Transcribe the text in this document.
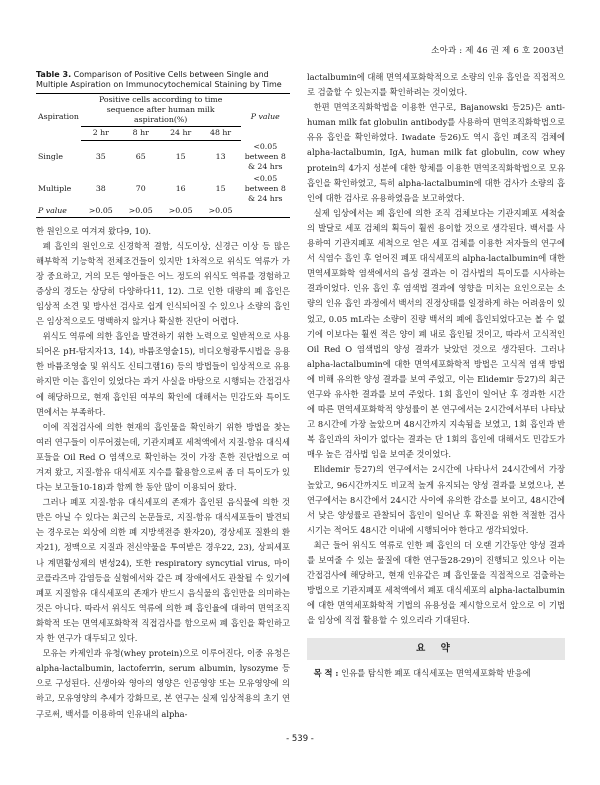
소아과 : 제 46 권 제 6 호 2003년
Table 3. Comparison of Positive Cells between Single and Multiple Aspiration on Immunocytochemical Staining by Time
Aspiration	Positive cells according to time sequence after human milk aspiration(%)				P value
	2 hr	8 hr	24 hr	48 hr	
Single	35	65	15	13	<0.05
between 8 & 24 hrs

Multiple	38	70	16	15	<0.05
between 8 & 24 hrs

P value	>0.05	>0.05	>0.05	>0.05	

한 원인으로 여겨져 왔다9, 10).

폐 흡인의 원인으로 신경학적 결함, 식도이상, 신경근 이상 등 많은 해부학적 기능학적 전체조건들이 있지만 1차적으로 위식도 역류가 가장 중요하고, 거의 모든 영아들은 어느 정도의 위식도 역류를 경험하고 증상의 경도는 상당히 다양하다11, 12). 그로 인한 대량의 폐 흡인은 임상적 소견 및 방사선 검사로 쉽게 인식되어질 수 있으나 소량의 흡인은 임상적으로도 명백하지 않거나 확실한 진단이 어렵다.

위식도 역류에 의한 흡인을 발견하기 위한 노력으로 일반적으로 사용되어온 pH-탐지자13, 14), 바륨조영술15), 비디오형광투시법을 응용한 바륨조영술 및 위식도 신티그램16) 등의 방법들이 임상적으로 유용하지만 이는 흡인이 있었다는 과거 사실을 바탕으로 시행되는 간접검사에 해당하므로, 현재 흡인된 여부의 확인에 대해서는 민감도와 특이도 면에서는 부족하다.

이에 직접검사에 의한 현재의 흡인물을 확인하기 위한 방법을 찾는 여러 연구들이 이루어졌는데, 기관지폐포 세척액에서 지질-함유 대식세포들을 Oil Red O 염색으로 확인하는 것이 가장 흔한 진단법으로 여겨져 왔고, 지질-함유 대식세포 지수를 활용함으로써 좀 더 특이도가 있다는 보고들10-18)과 함께 한 동안 많이 이용되어 왔다.

그러나 폐포 지질-함유 대식세포의 존재가 흡인된 음식물에 의한 것만은 아닐 수 있다는 최근의 논문들로, 지질-함유 대식세포들이 발견되는 경우로는 외상에 의한 폐 지방색전증 환자20), 경상세포 질환의 환자21), 정맥으로 지질과 전신약물을 투여받은 경우22, 23), 상피세포나 계면활성제의 변성24), 또한 respiratory syncytial virus, 마이코플라즈마 감염등을 실험에서와 같은 폐 장애에서도 관찰될 수 있기에 폐포 지질함유 대식세포의 존재가 반드시 음식물의 흡인만을 의미하는 것은 아니다. 따라서 위식도 역류에 의한 폐 흡인율에 대하여 면역조직화학적 또는 면역세포화학적 직접검사를 함으로써 폐 흡인을 확인하고자 한 연구가 대두되고 있다.

모유는 카제인과 유청(whey protein)으로 이루어진다, 이중 유청은 alpha-lactalbumin, lactoferrin, serum albumin, lysozyme 등으로 구성된다. 신생아와 영아의 영양은 인공영양 또는 모유영양에 의하고, 모유영양의 추세가 강화므로, 본 연구는 실제 임상적용의 초기 연구로써, 백서를 이용하여 인유내의 alpha-

lactalbumin에 대해 면역세포화학적으로 소량의 인유 흡인을 직접적으로 검출할 수 있는지를 확인하려는 것이었다.

한편 면역조직화학법을 이용한 연구로, Bajanowski 등25)은 anti-human milk fat globulin antibody를 사용하여 면역조직화학법으로 유유 흡인을 확인하였다. Iwadate 등26)도 역시 흡인 폐조직 검체에 alpha-lactalbumin, IgA, human milk fat globulin, cow whey protein의 4가지 성분에 대한 항체를 이용한 면역조직화학법으로 모유 흡인을 확인하였고, 특히 alpha-lactalbumin에 대한 검사가 소량의 흡인에 대한 검사로 유용하였음을 보고하였다.

실제 임상에서는 폐 흡인에 의한 조직 검체보다는 기관지폐포 세척술의 발달로 세포 검체의 획득이 훨씬 용이할 것으로 생각된다. 백서를 사용하여 기관지폐포 세척으로 얻은 세포 검체를 이용한 저자들의 연구에서 식염수 흡인 후 얻어진 폐포 대식세포의 alpha-lactalbumin에 대한 면역세포화학 염색에서의 음성 결과는 이 검사법의 특이도를 시사하는 결과이었다. 인유 흡인 후 염색법 결과에 영향을 미치는 요인으로는 소량의 인유 흡인 과정에서 백서의 진정상태를 일정하게 하는 어려움이 있었고, 0.05 mL라는 소량이 진량 백서의 폐에 흡인되었다고는 볼 수 없기에 이보다는 훨씬 적은 양이 폐 내로 흡인될 것이고, 따라서 고식적인 Oil Red O 염색법의 양성 결과가 낮았던 것으로 생각된다. 그러나 alpha-lactalbumin에 대한 면역세포화학적 방법은 고식적 염색 방법에 비해 유의한 양성 결과를 보여 주었고, 이는 Elidemir 등27)의 최근 연구와 유사한 결과를 보여 주었다. 1회 흡인이 일어난 후 경과한 시간에 따른 면역세포화학적 양성률이 본 연구에서는 2시간에서부터 나타났고 8시간에 가장 높았으며 48시간까지 지속됨을 보였고, 1회 흡인과 반복 흡인과의 차이가 없다는 결과는 단 1회의 흡인에 대해서도 민감도가 매우 높은 검사법 임을 보여준 것이었다.

Elidemir 등27)의 연구에서는 2시간에 나타나서 24시간에서 가장 높았고, 96시간까지도 비교적 높게 유지되는 양성 결과를 보였으나, 본 연구에서는 8시간에서 24시간 사이에 유의한 감소를 보이고, 48시간에서 낮은 양성률로 관찰되어 흡인이 일어난 후 확진을 위한 적절한 검사 시기는 적어도 48시간 이내에 시행되어야 한다고 생각되었다.

최근 들어 위식도 역류로 인한 폐 흡인의 더 오랜 기간동안 양성 결과를 보여줄 수 있는 물질에 대한 연구들28-29)이 진행되고 있으나 이는 간접검사에 해당하고, 현재 인유같은 폐 흡인물을 직접적으로 검출하는 방법으로 기관지폐포 세척액에서 폐포 대식세포의 alpha-lactalbumin에 대한 면역세포화학적 기법의 유용성을 제시함으로서 앞으로 이 기법을 임상에 직접 활용할 수 있으리라 기대된다.

요 약

목 적 : 인유를 탐식한 폐포 대식세포는 면역세포화학 반응에

- 539 -
